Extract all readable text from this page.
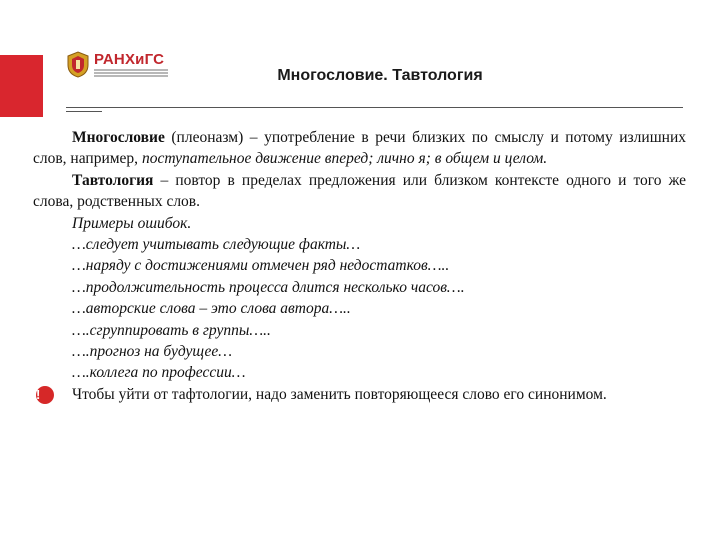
РАНХиГС
Многословие. Тавтология

Многословие (плеоназм) – употребление в речи близких по смыслу и потому излишних слов, например, поступательное движение вперед; лично я; в общем и целом.

Тавтология – повтор в пределах предложения или близком контексте одного и того же слова, родственных слов.

Примеры ошибок.

…следует учитывать следующие факты…

…наряду с достижениями отмечен ряд недостатков…..

…продолжительность процесса длится несколько часов….

…авторские слова – это слова автора…..

….сгруппировать в группы…..

….прогноз на будущее…

….коллега по профессии…

!	Чтобы уйти от тафтологии, надо заменить повторяющееся слово его синонимом.
